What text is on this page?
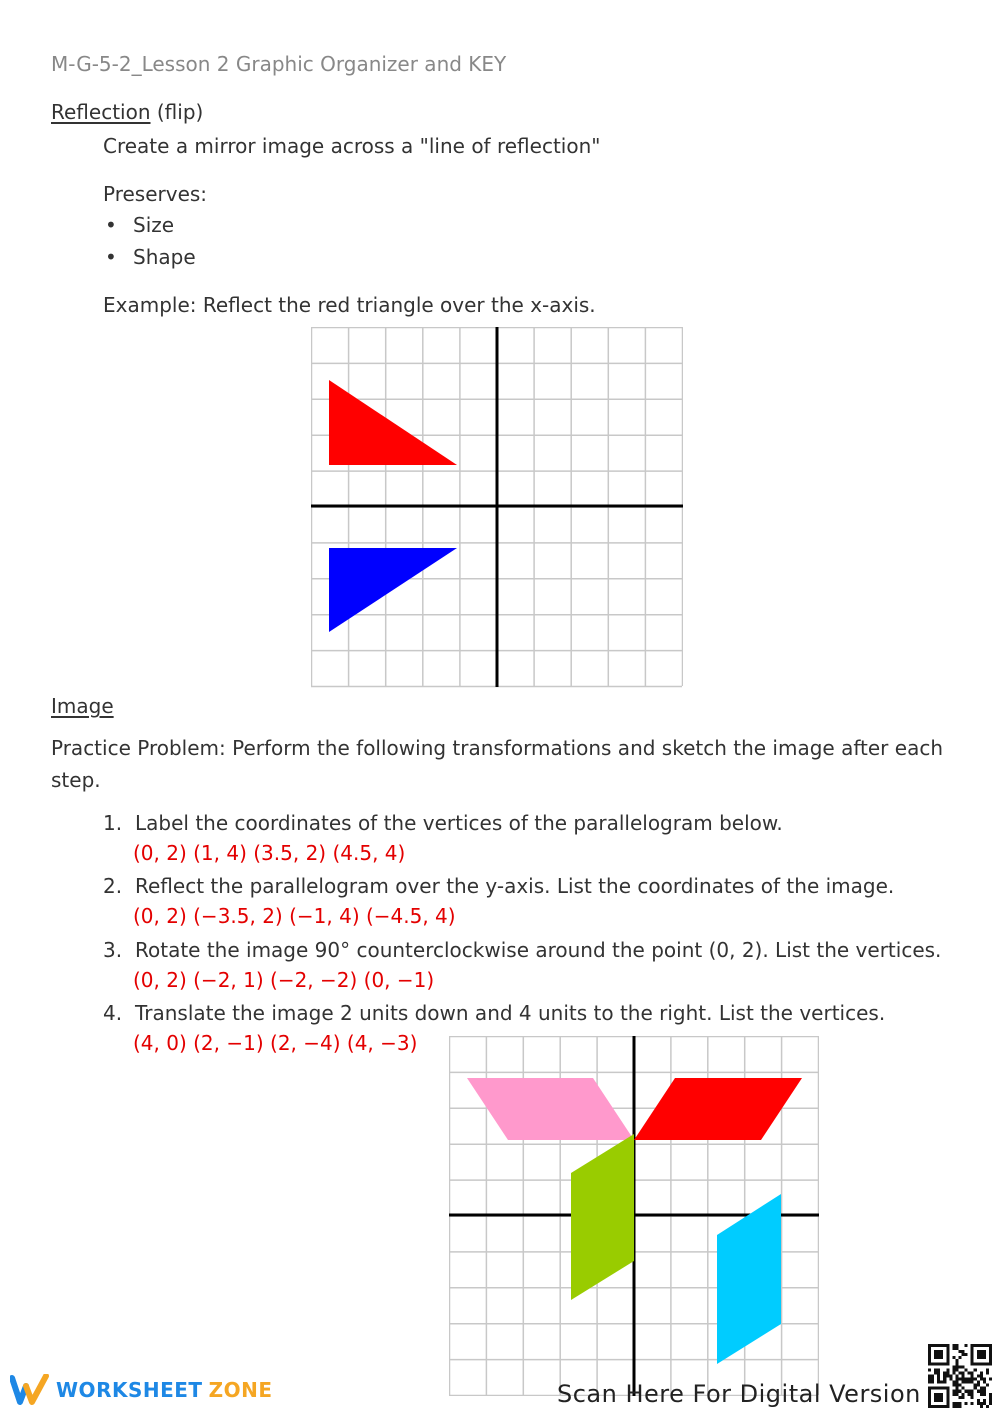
M-G-5-2_Lesson 2 Graphic Organizer and KEY
Reflection (flip)
Create a mirror image across a "line of reflection"
Preserves:
• Size
• Shape
Example: Reflect the red triangle over the x-axis.
Image
Practice Problem: Perform the following transformations and sketch the image after each
step.
1. Label the coordinates of the vertices of the parallelogram below.
(0, 2) (1, 4) (3.5, 2) (4.5, 4)
2. Reflect the parallelogram over the y-axis. List the coordinates of the image.
(0, 2) (−3.5, 2) (−1, 4) (−4.5, 4)
3. Rotate the image 90° counterclockwise around the point (0, 2). List the vertices.
(0, 2) (−2, 1) (−2, −2) (0, −1)
4. Translate the image 2 units down and 4 units to the right. List the vertices.
(4, 0) (2, −1) (2, −4) (4, −3)
WORKSHEET ZONE	Scan Here For Digital Version
